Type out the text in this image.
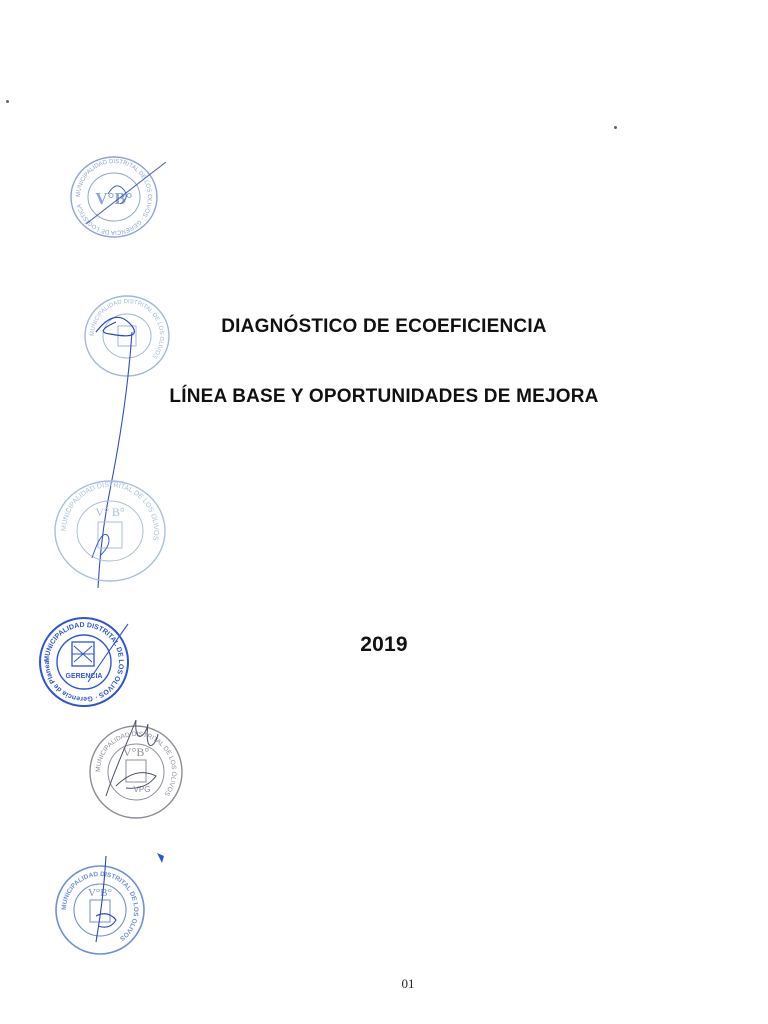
DIAGNÓSTICO DE ECOEFICIENCIA
LÍNEA BASE Y OPORTUNIDADES DE MEJORA
2019
01
MUNICIPALIDAD DISTRITAL DE LOS OLIVOS · GERENCIA DE LOGÍSTICA V°B°
MUNICIPALIDAD DISTRITAL DE LOS OLIVOS
MUNICIPALIDAD DISTRITAL DE LOS OLIVOS
V° B°
MUNICIPALIDAD DISTRITAL DE LOS OLIVOS · Gerencia de Planeamiento y Presupuesto
GERENCIA
MUNICIPALIDAD DISTRITAL DE LOS OLIVOS
V°B°
VPG
MUNICIPALIDAD DISTRITAL DE LOS OLIVOS
V°B°
